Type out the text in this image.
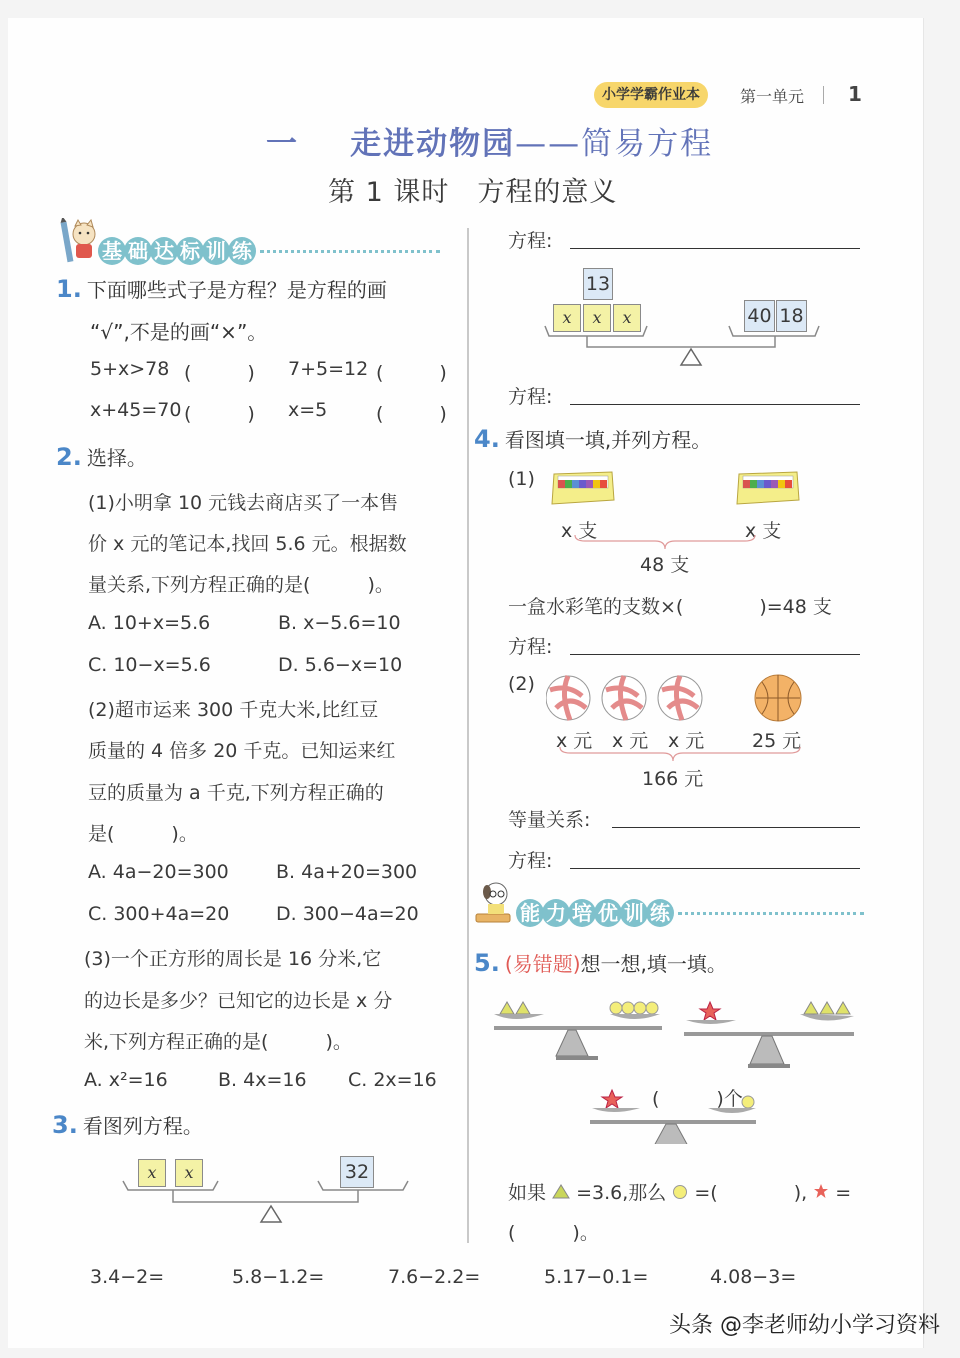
小学学霸作业本	第一单元 1
一 走进动物园——简易方程
第 1 课时　方程的意义
基 础 达 标 训 练
1. 下面哪些式子是方程？是方程的画
“√”,不是的画“×”。
5+x>78 (　　) 7+5=12 (　　)
x+45=70 (　　) x=5	(　　)
2. 选择。
(1)小明拿 10 元钱去商店买了一本售
价 x 元的笔记本,找回 5.6 元。根据数
量关系,下列方程正确的是(　　　)。
A. 10+x=5.6	B. x−5.6=10
C. 10−x=5.6	D. 5.6−x=10
(2)超市运来 300 千克大米,比红豆
质量的 4 倍多 20 千克。已知运来红
豆的质量为 a 千克,下列方程正确的
是(　　　)。
A. 4a−20=300 B. 4a+20=300
C. 300+4a=20 D. 300−4a=20
(3)一个正方形的周长是 16 分米,它
的边长是多少？已知它的边长是 x 分
米,下列方程正确的是(　　　)。
A. x²=16	B. 4x=16 C. 2x=16
3. 看图列方程。
x	x	32
方程:
13
x	x	x	40 18
方程:
4. 看图填一填,并列方程。
(1)
x 支	x 支
48 支
一盒水彩笔的支数×(　　　　)=48 支
方程:
(2)
x 元 x 元 x 元	25 元
166 元
等量关系:
方程:
能 力 培 优 训 练
5. (易错题)想一想,填一填。
(　　　)个
如果 =3.6,那么 =(　　　　), =
(　　　)。
3.4−2=	5.8−1.2=	7.6−2.2=	5.17−0.1=	4.08−3=
头条 @李老师幼小学习资料
